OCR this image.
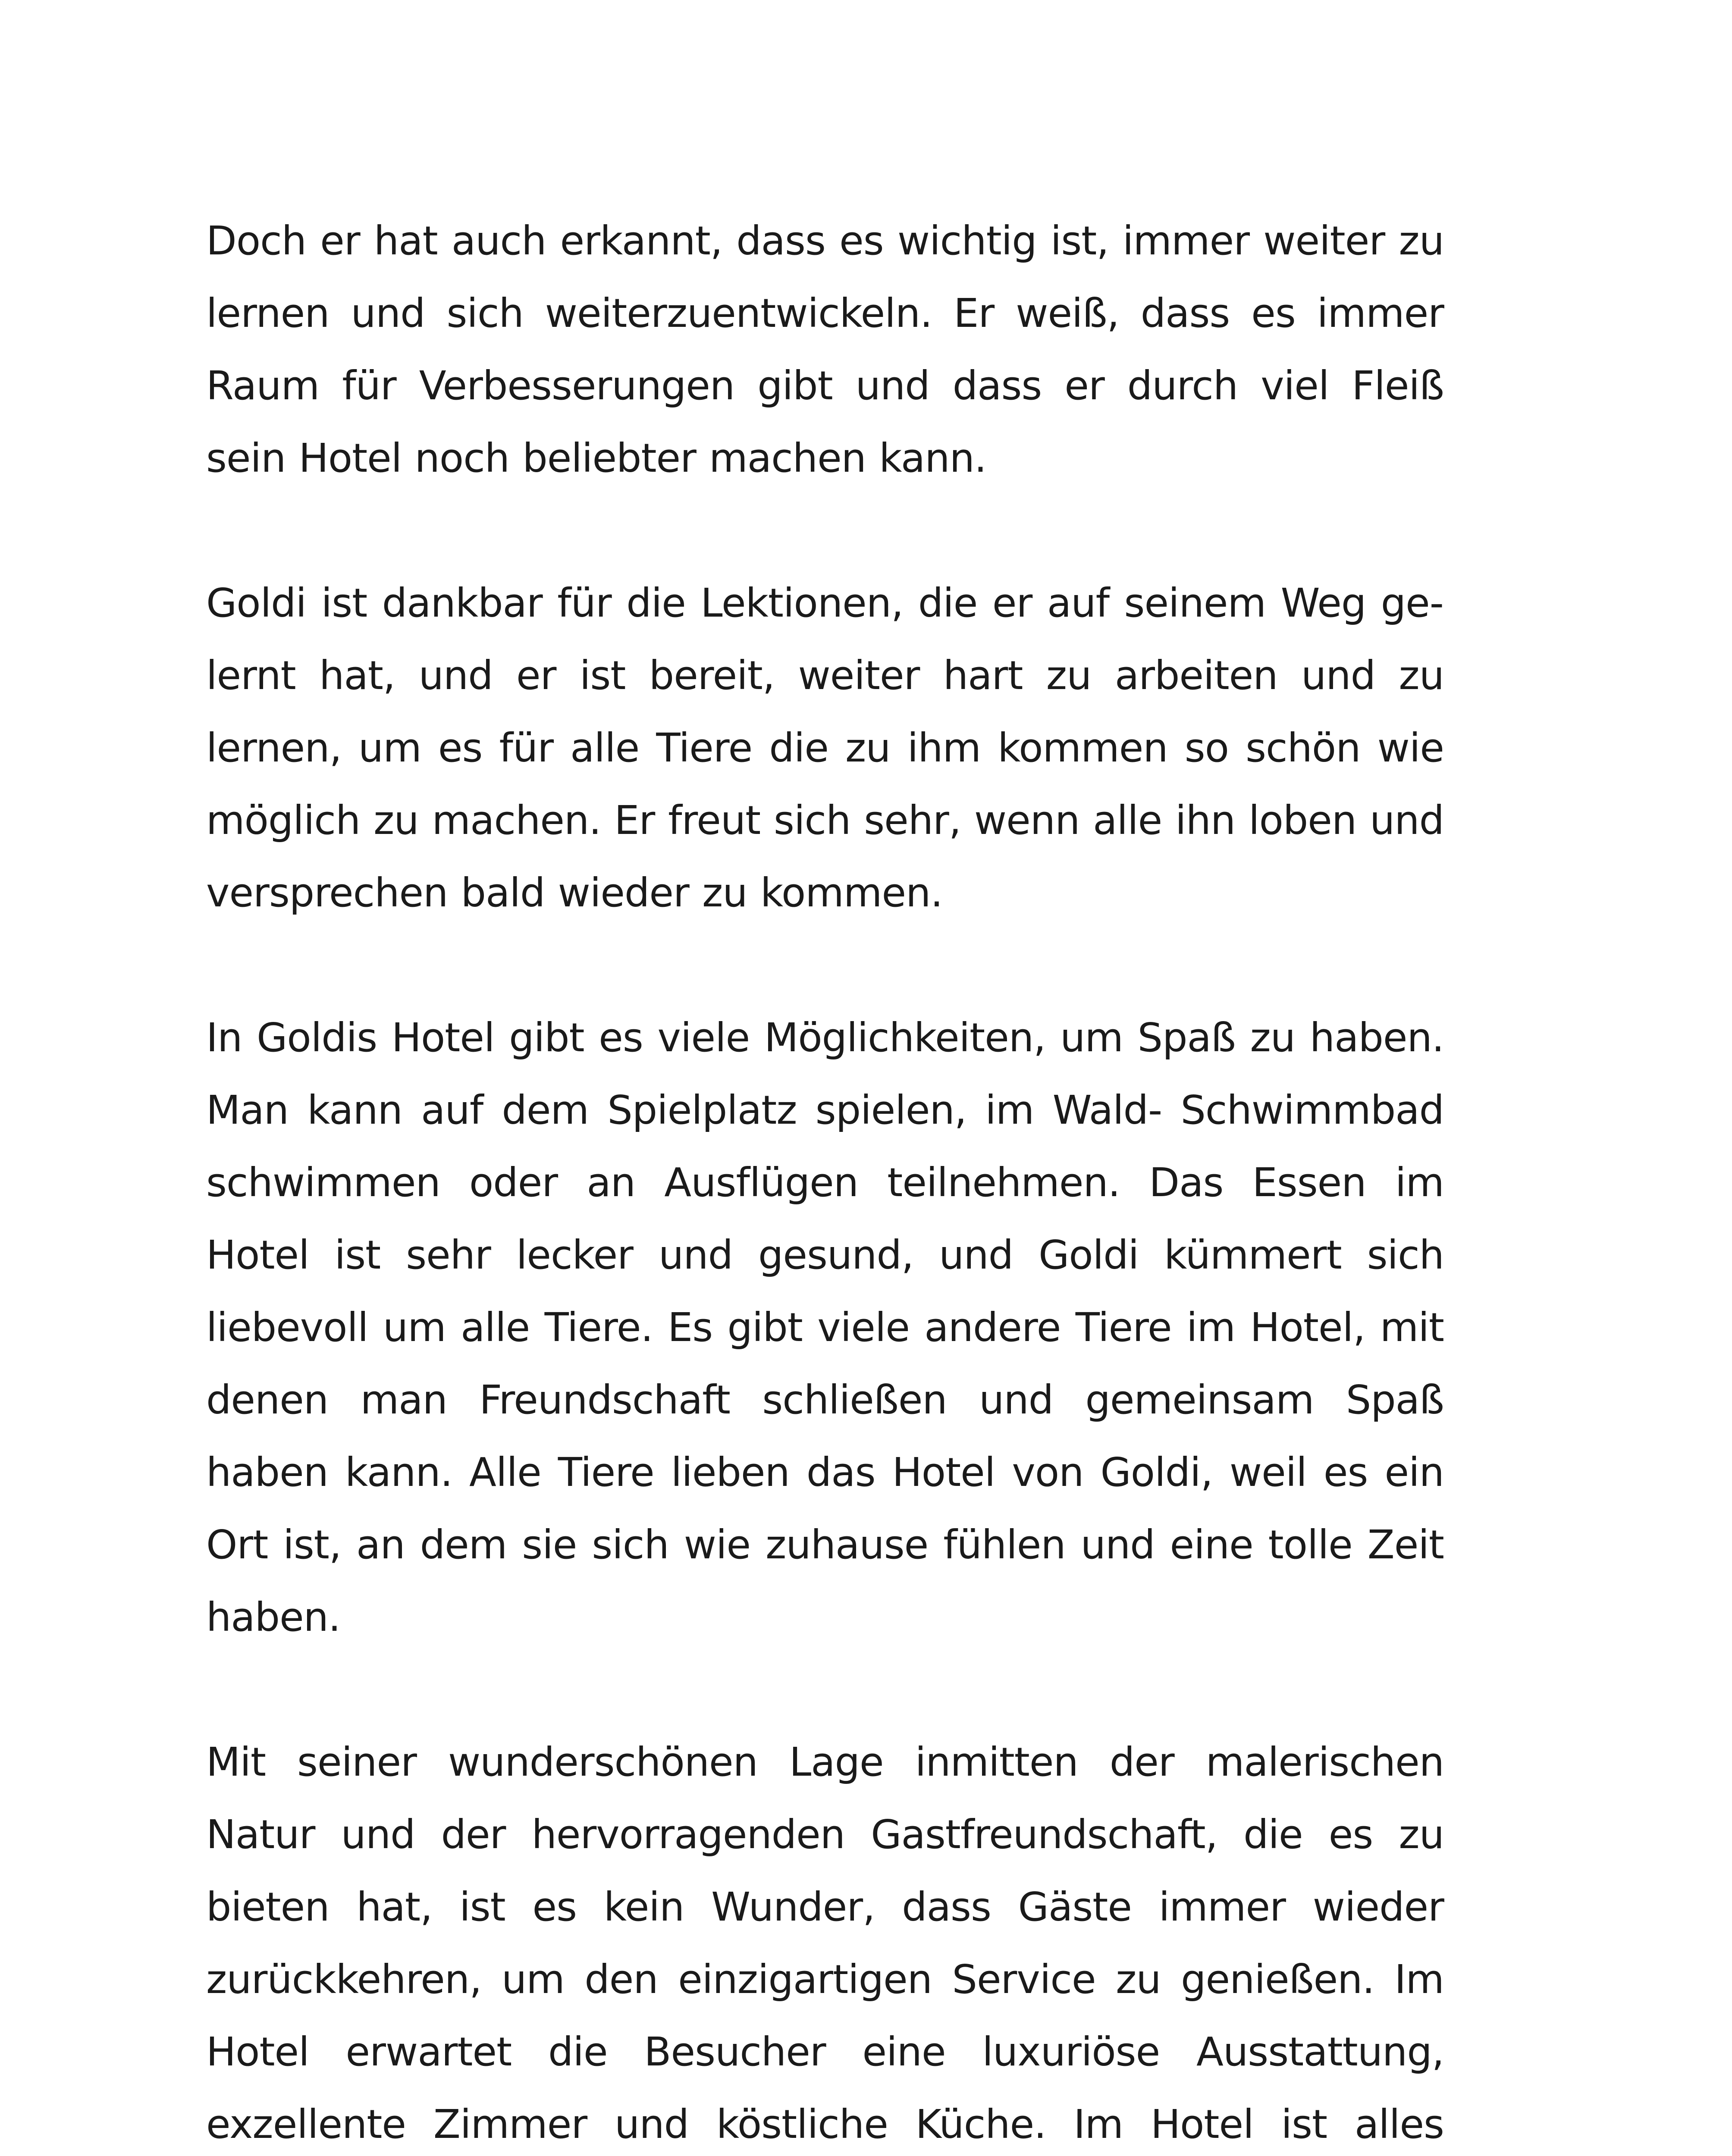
Doch er hat auch erkannt, dass es wichtig ist, immer weiter zu lernen und sich weiterzuentwickeln. Er weiß, dass es immer Raum für Verbesserungen gibt und dass er durch viel Fleiß sein Hotel noch beliebter machen kann.

Goldi ist dankbar für die Lektionen, die er auf seinem Weg gelernt hat, und er ist bereit, weiter hart zu arbeiten und zu lernen, um es für alle Tiere die zu ihm kommen so schön wie möglich zu machen. Er freut sich sehr, wenn alle ihn loben und versprechen bald wieder zu kommen.

In Goldis Hotel gibt es viele Möglichkeiten, um Spaß zu haben. Man kann auf dem Spielplatz spielen, im Wald- Schwimmbad schwimmen oder an Ausflügen teilnehmen. Das Essen im Hotel ist sehr lecker und gesund, und Goldi kümmert sich liebevoll um alle Tiere. Es gibt viele andere Tiere im Hotel, mit denen man Freundschaft schließen und gemeinsam Spaß haben kann. Alle Tiere lieben das Hotel von Goldi, weil es ein Ort ist, an dem sie sich wie zuhause fühlen und eine tolle Zeit haben.

Mit seiner wunderschönen Lage inmitten der malerischen Natur und der hervorragenden Gastfreundschaft, die es zu bieten hat, ist es kein Wunder, dass Gäste immer wieder zurückkehren, um den einzigartigen Service zu genießen. Im Hotel erwartet die Besucher eine luxuriöse Ausstattung, exzellente Zimmer und köstliche Küche. Im Hotel ist alles
